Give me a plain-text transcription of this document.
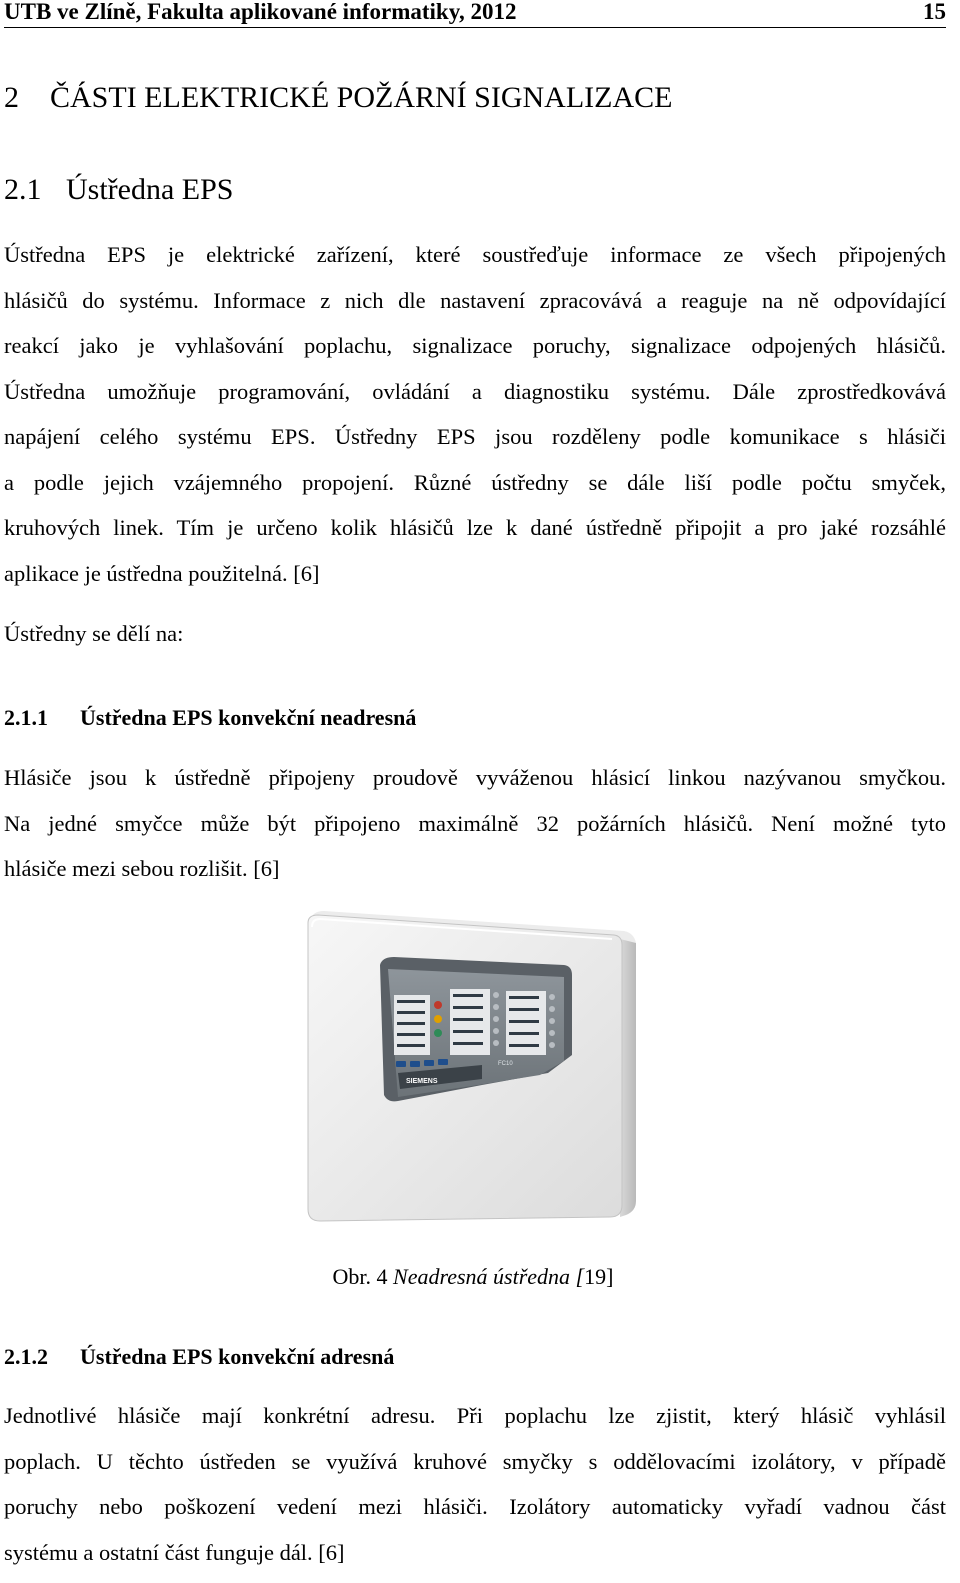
UTB ve Zlíně, Fakulta aplikované informatiky, 2012	15
2 ČÁSTI ELEKTRICKÉ POŽÁRNÍ SIGNALIZACE
2.1 Ústředna EPS
Ústředna EPS je elektrické zařízení, které soustřeďuje informace ze všech připojených
hlásičů do systému. Informace z nich dle nastavení zpracovává a reaguje na ně odpovídající
reakcí jako je vyhlašování poplachu, signalizace poruchy, signalizace odpojených hlásičů.
Ústředna umožňuje programování, ovládání a diagnostiku systému. Dále zprostředkovává
napájení celého systému EPS. Ústředny EPS jsou rozděleny podle komunikace s hlásiči
a podle jejich vzájemného propojení. Různé ústředny se dále liší podle počtu smyček,
kruhových linek. Tím je určeno kolik hlásičů lze k dané ústředně připojit a pro jaké rozsáhlé
aplikace je ústředna použitelná. [6]
Ústředny se dělí na:
2.1.1 Ústředna EPS konvekční neadresná
Hlásiče jsou k ústředně připojeny proudově vyváženou hlásicí linkou nazývanou smyčkou.
Na jedné smyčce může být připojeno maximálně 32 požárních hlásičů. Není možné tyto
hlásiče mezi sebou rozlišit. [6]
SIEMENS
FC10
Obr. 4 Neadresná ústředna [19]
2.1.2 Ústředna EPS konvekční adresná
Jednotlivé hlásiče mají konkrétní adresu. Při poplachu lze zjistit, který hlásič vyhlásil
poplach. U těchto ústředen se využívá kruhové smyčky s oddělovacími izolátory, v případě
poruchy nebo poškození vedení mezi hlásiči. Izolátory automaticky vyřadí vadnou část
systému a ostatní část funguje dál. [6]
